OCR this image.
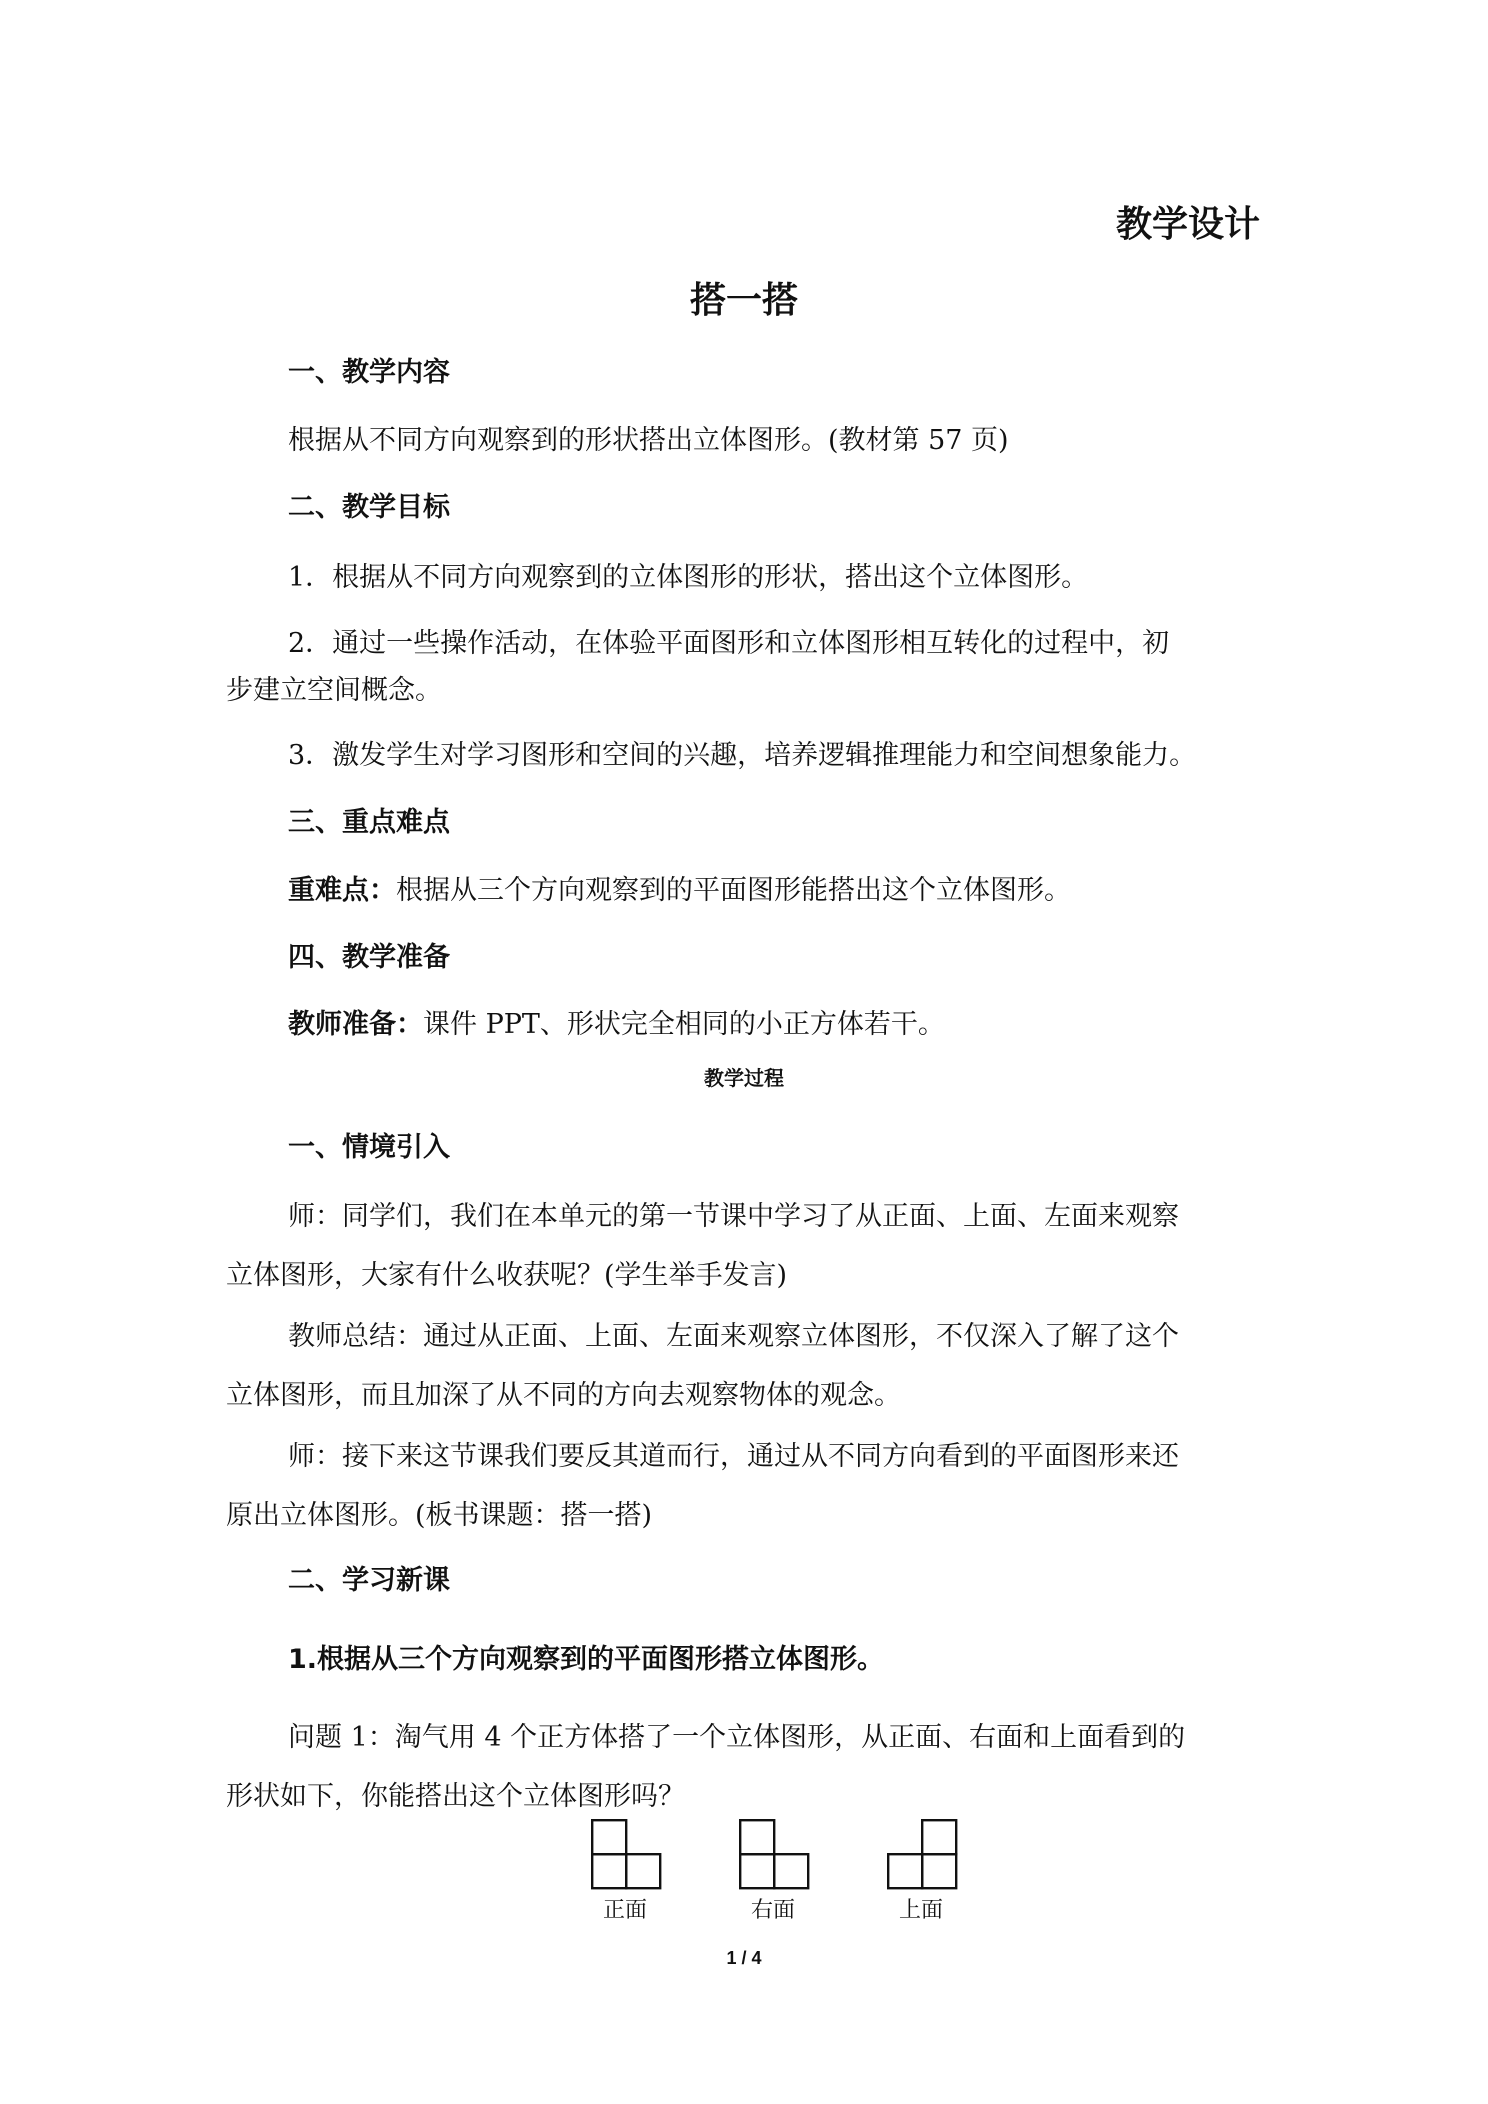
教学设计
搭一搭
一、教学内容
根据从不同方向观察到的形状搭出立体图形。(教材第 57 页)
二、教学目标
1．根据从不同方向观察到的立体图形的形状，搭出这个立体图形。
2．通过一些操作活动，在体验平面图形和立体图形相互转化的过程中，初
步建立空间概念。
3．激发学生对学习图形和空间的兴趣，培养逻辑推理能力和空间想象能力。
三、重点难点
重难点：根据从三个方向观察到的平面图形能搭出这个立体图形。
四、教学准备
教师准备：课件 PPT、形状完全相同的小正方体若干。
教学过程
一、情境引入
师：同学们，我们在本单元的第一节课中学习了从正面、上面、左面来观察
立体图形，大家有什么收获呢？(学生举手发言)
教师总结：通过从正面、上面、左面来观察立体图形，不仅深入了解了这个
立体图形，而且加深了从不同的方向去观察物体的观念。
师：接下来这节课我们要反其道而行，通过从不同方向看到的平面图形来还
原出立体图形。(板书课题：搭一搭)
二、学习新课
1.根据从三个方向观察到的平面图形搭立体图形。
问题 1：淘气用 4 个正方体搭了一个立体图形，从正面、右面和上面看到的
形状如下，你能搭出这个立体图形吗？
正面	右面	上面
1 / 4
